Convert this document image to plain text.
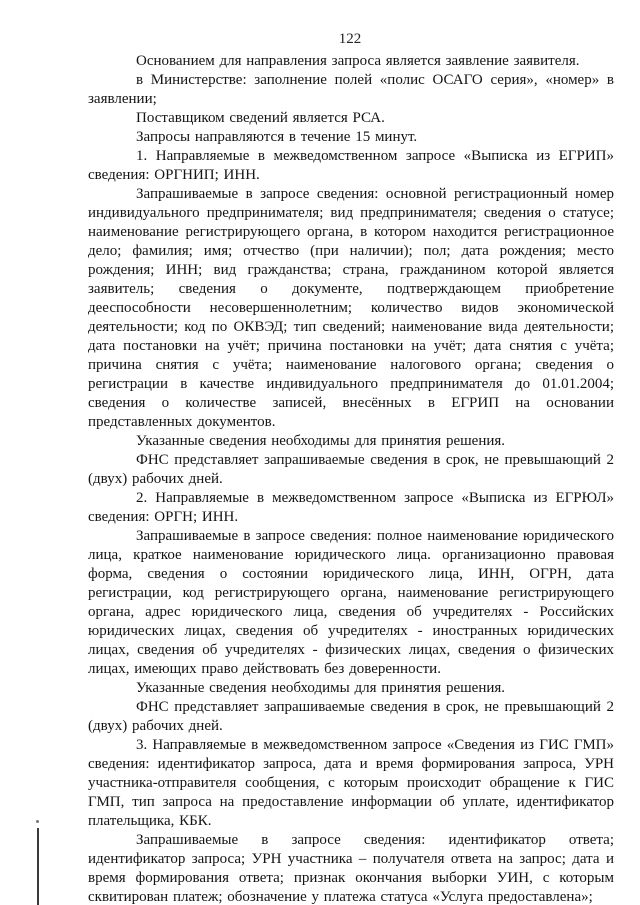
122

Основанием для направления запроса является заявление заявителя.

в Министерстве: заполнение полей «полис ОСАГО серия», «номер» в заявлении;

Поставщиком сведений является РСА.

Запросы направляются в течение 15 минут.

1. Направляемые в межведомственном запросе «Выписка из ЕГРИП» сведения: ОРГНИП; ИНН.

Запрашиваемые в запросе сведения: основной регистрационный номер индивидуального предпринимателя; вид предпринимателя; сведения о статусе; наименование регистрирующего органа, в котором находится регистрационное дело; фамилия; имя; отчество (при наличии); пол; дата рождения; место рождения; ИНН; вид гражданства; страна, гражданином которой является заявитель; сведения о документе, подтверждающем приобретение дееспособности несовершеннолетним; количество видов экономической деятельности; код по ОКВЭД; тип сведений; наименование вида деятельности; дата постановки на учёт; причина постановки на учёт; дата снятия с учёта; причина снятия с учёта; наименование налогового органа; сведения о регистрации в качестве индивидуального предпринимателя до 01.01.2004; сведения о количестве записей, внесённых в ЕГРИП на основании представленных документов.

Указанные сведения необходимы для принятия решения.

ФНС представляет запрашиваемые сведения в срок, не превышающий 2 (двух) рабочих дней.

2. Направляемые в межведомственном запросе «Выписка из ЕГРЮЛ» сведения: ОРГН; ИНН.

Запрашиваемые в запросе сведения: полное наименование юридического лица, краткое наименование юридического лица. организационно правовая форма, сведения о состоянии юридического лица, ИНН, ОГРН, дата регистрации, код регистрирующего органа, наименование регистрирующего органа, адрес юридического лица, сведения об учредителях - Российских юридических лицах, сведения об учредителях - иностранных юридических лицах, сведения об учредителях - физических лицах, сведения о физических лицах, имеющих право действовать без доверенности.

Указанные сведения необходимы для принятия решения.

ФНС представляет запрашиваемые сведения в срок, не превышающий 2 (двух) рабочих дней.

3. Направляемые в межведомственном запросе «Сведения из ГИС ГМП» сведения: идентификатор запроса, дата и время формирования запроса, УРН участника-отправителя сообщения, с которым происходит обращение к ГИС ГМП, тип запроса на предоставление информации об уплате, идентификатор плательщика, КБК.

Запрашиваемые в запросе сведения: идентификатор ответа; идентификатор запроса; УРН участника – получателя ответа на запрос; дата и время формирования ответа; признак окончания выборки УИН, с которым сквитирован платеж; обозначение у платежа статуса «Услуга предоставлена»;
